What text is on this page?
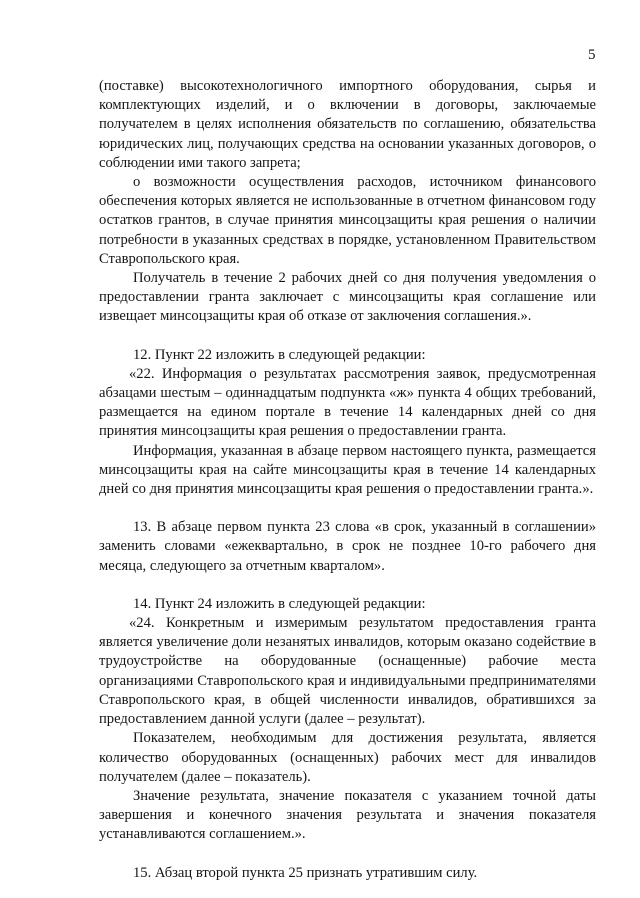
5

(поставке) высокотехнологичного импортного оборудования, сырья и комплектующих изделий, и о включении в договоры, заключаемые получателем в целях исполнения обязательств по соглашению, обязательства юридических лиц, получающих средства на основании указанных договоров, о соблюдении ими такого запрета;

о возможности осуществления расходов, источником финансового обеспечения которых является не использованные в отчетном финансовом году остатков грантов, в случае принятия минсоцзащиты края решения о наличии потребности в указанных средствах в порядке, установленном Правительством Ставропольского края.

Получатель в течение 2 рабочих дней со дня получения уведомления о предоставлении гранта заключает с минсоцзащиты края соглашение или извещает минсоцзащиты края об отказе от заключения соглашения.».

12. Пункт 22 изложить в следующей редакции:

«22. Информация о результатах рассмотрения заявок, предусмотренная абзацами шестым – одиннадцатым подпункта «ж» пункта 4 общих требований, размещается на едином портале в течение 14 календарных дней со дня принятия минсоцзащиты края решения о предоставлении гранта.

Информация, указанная в абзаце первом настоящего пункта, размещается минсоцзащиты края на сайте минсоцзащиты края в течение 14 календарных дней со дня принятия минсоцзащиты края решения о предоставлении гранта.».

13. В абзаце первом пункта 23 слова «в срок, указанный в соглашении» заменить словами «ежеквартально, в срок не позднее 10-го рабочего дня месяца, следующего за отчетным кварталом».

14. Пункт 24 изложить в следующей редакции:

«24. Конкретным и измеримым результатом предоставления гранта является увеличение доли незанятых инвалидов, которым оказано содействие в трудоустройстве на оборудованные (оснащенные) рабочие места организациями Ставропольского края и индивидуальными предпринимателями Ставропольского края, в общей численности инвалидов, обратившихся за предоставлением данной услуги (далее – результат).

Показателем, необходимым для достижения результата, является количество оборудованных (оснащенных) рабочих мест для инвалидов получателем (далее – показатель).

Значение результата, значение показателя с указанием точной даты завершения и конечного значения результата и значения показателя устанавливаются соглашением.».

15. Абзац второй пункта 25 признать утратившим силу.
